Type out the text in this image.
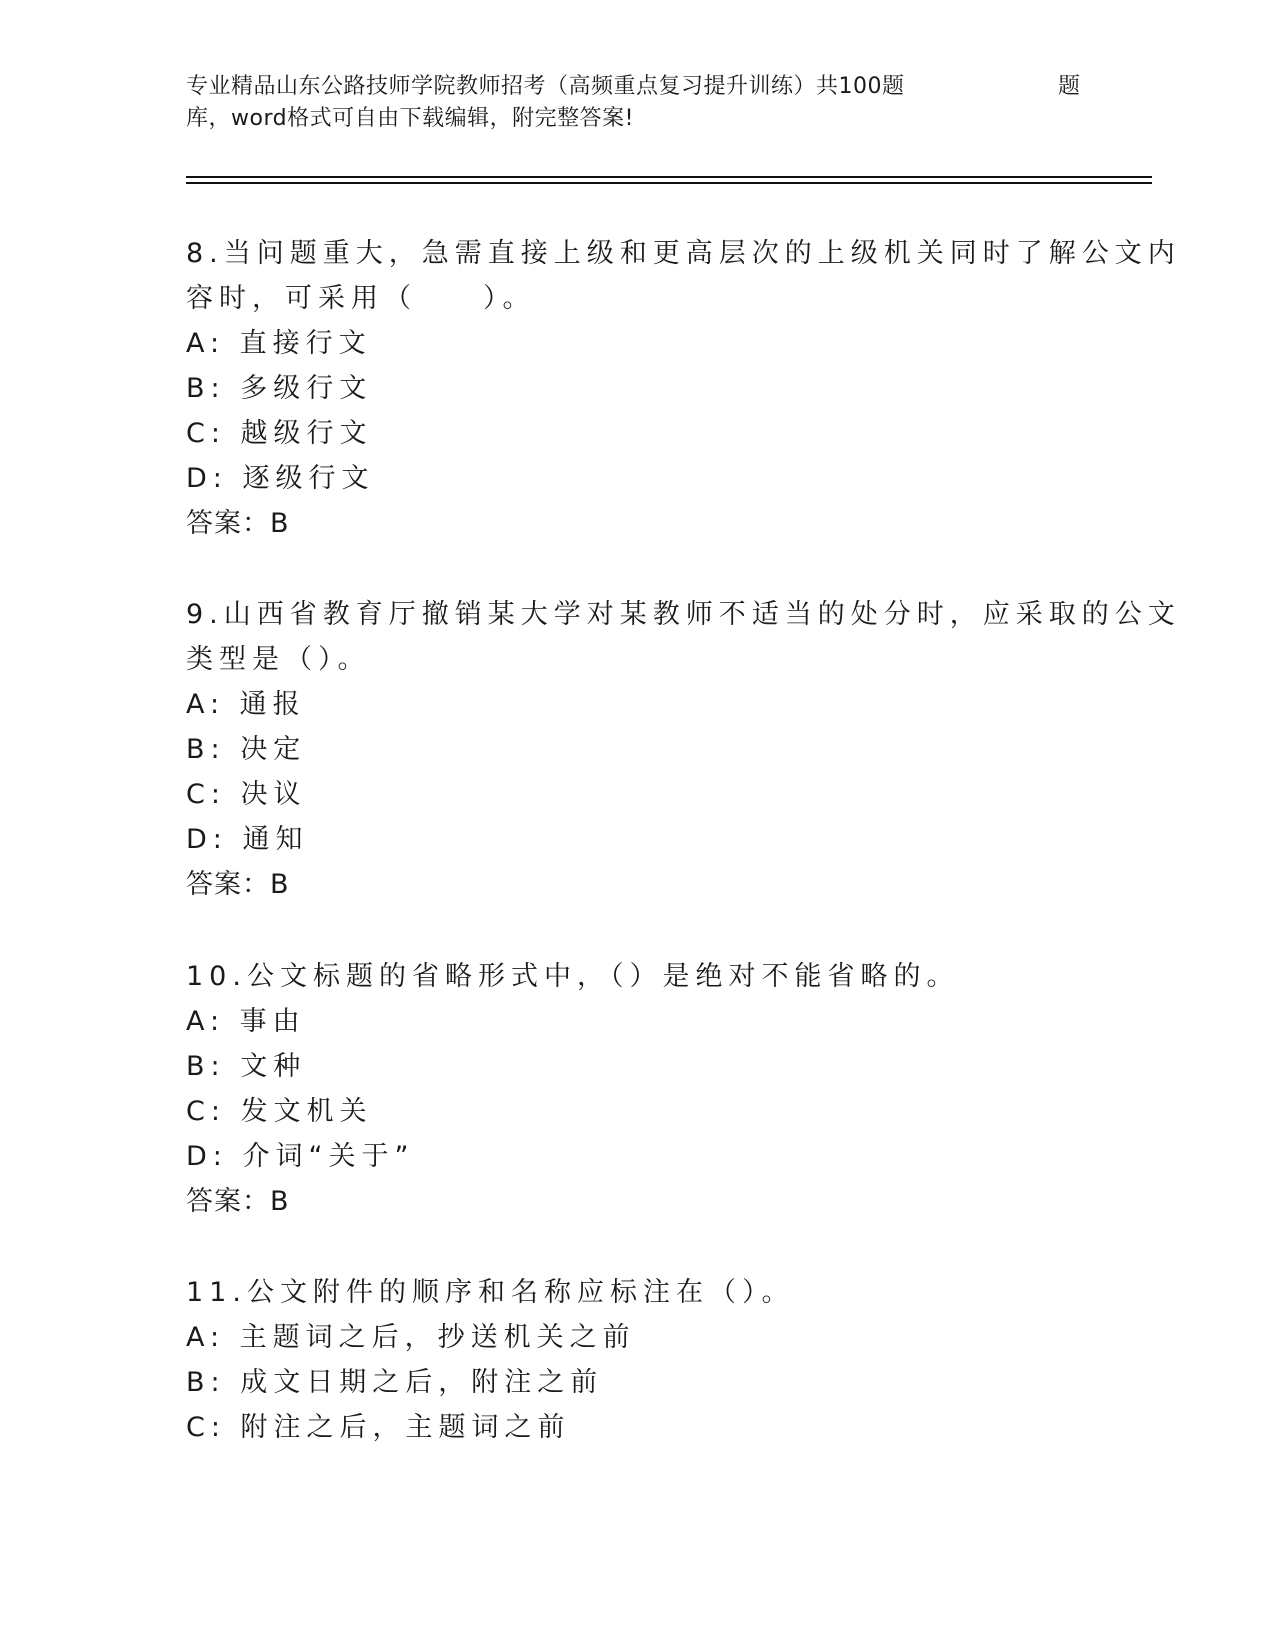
专业精品山东公路技师学院教师招考（高频重点复习提升训练）共100题
库，word格式可自由下载编辑，附完整答案!
题
8.当问题重大，急需直接上级和更高层次的上级机关同时了解公文内
容时，可采用（　　）。
A: 直接行文
B: 多级行文
C: 越级行文
D: 逐级行文
答案：B
9.山西省教育厅撤销某大学对某教师不适当的处分时，应采取的公文
类型是（）。
A: 通报
B: 决定
C: 决议
D: 通知
答案：B
10.公文标题的省略形式中，（）是绝对不能省略的。
A: 事由
B: 文种
C: 发文机关
D: 介词“关于”
答案：B
11.公文附件的顺序和名称应标注在（）。
A: 主题词之后，抄送机关之前
B: 成文日期之后，附注之前
C: 附注之后，主题词之前
